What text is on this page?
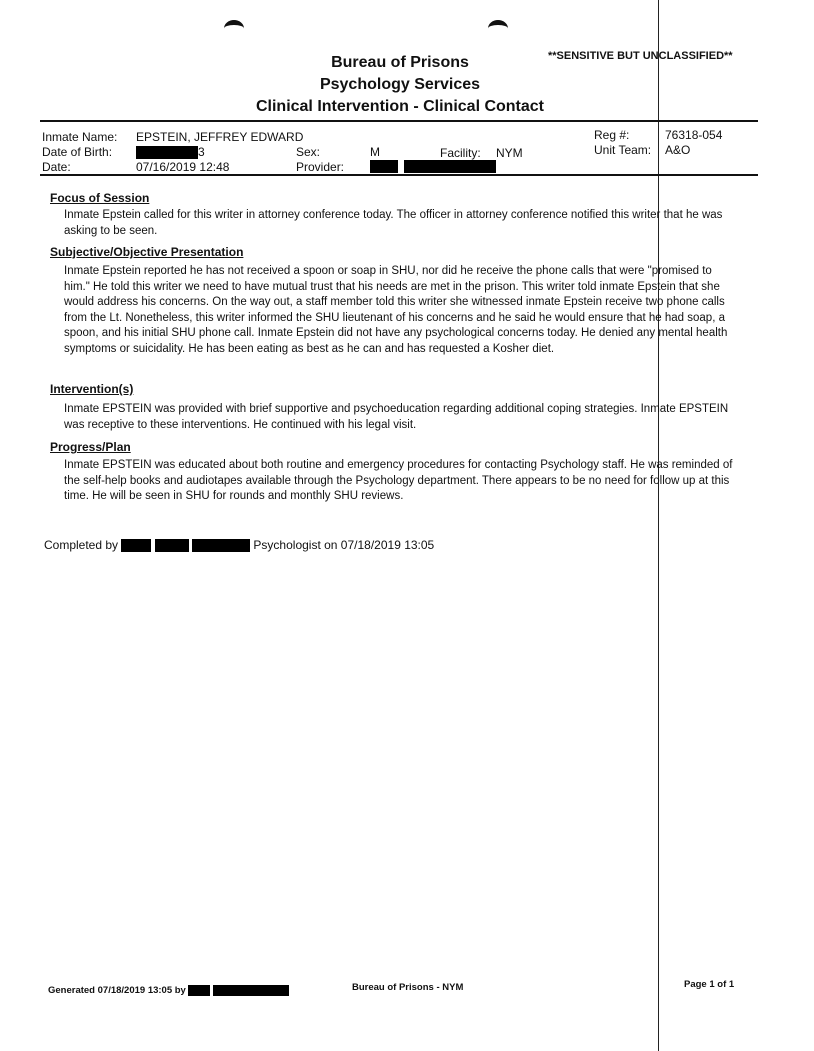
**SENSITIVE BUT UNCLASSIFIED**
Bureau of Prisons
Psychology Services
Clinical Intervention - Clinical Contact
Inmate Name: EPSTEIN, JEFFREY EDWARD
Date of Birth:	3
Date:	07/16/2019 12:48
Sex:	M
Provider:
Facility: NYM
Reg #:	76318-054
Unit Team: A&O
Focus of Session
Inmate Epstein called for this writer in attorney conference today. The officer in attorney conference notified this writer that he was asking to be seen.
Subjective/Objective Presentation
Inmate Epstein reported he has not received a spoon or soap in SHU, nor did he receive the phone calls that were "promised to him." He told this writer we need to have mutual trust that his needs are met in the prison. This writer told inmate Epstein that she would address his concerns. On the way out, a staff member told this writer she witnessed inmate Epstein receive two phone calls from the Lt. Nonetheless, this writer informed the SHU lieutenant of his concerns and he said he would ensure that he had soap, a spoon, and his initial SHU phone call. Inmate Epstein did not have any psychological concerns today. He denied any mental health symptoms or suicidality. He has been eating as best as he can and has requested a Kosher diet.
Intervention(s)
Inmate EPSTEIN was provided with brief supportive and psychoeducation regarding additional coping strategies. Inmate EPSTEIN was receptive to these interventions. He continued with his legal visit.
Progress/Plan
Inmate EPSTEIN was educated about both routine and emergency procedures for contacting Psychology staff. He was reminded of the self-help books and audiotapes available through the Psychology department. There appears to be no need for follow up at this time. He will be seen in SHU for rounds and monthly SHU reviews.
Completed by	Psychologist on 07/18/2019 13:05
Generated 07/18/2019 13:05 by	Bureau of Prisons - NYM	Page 1 of 1
